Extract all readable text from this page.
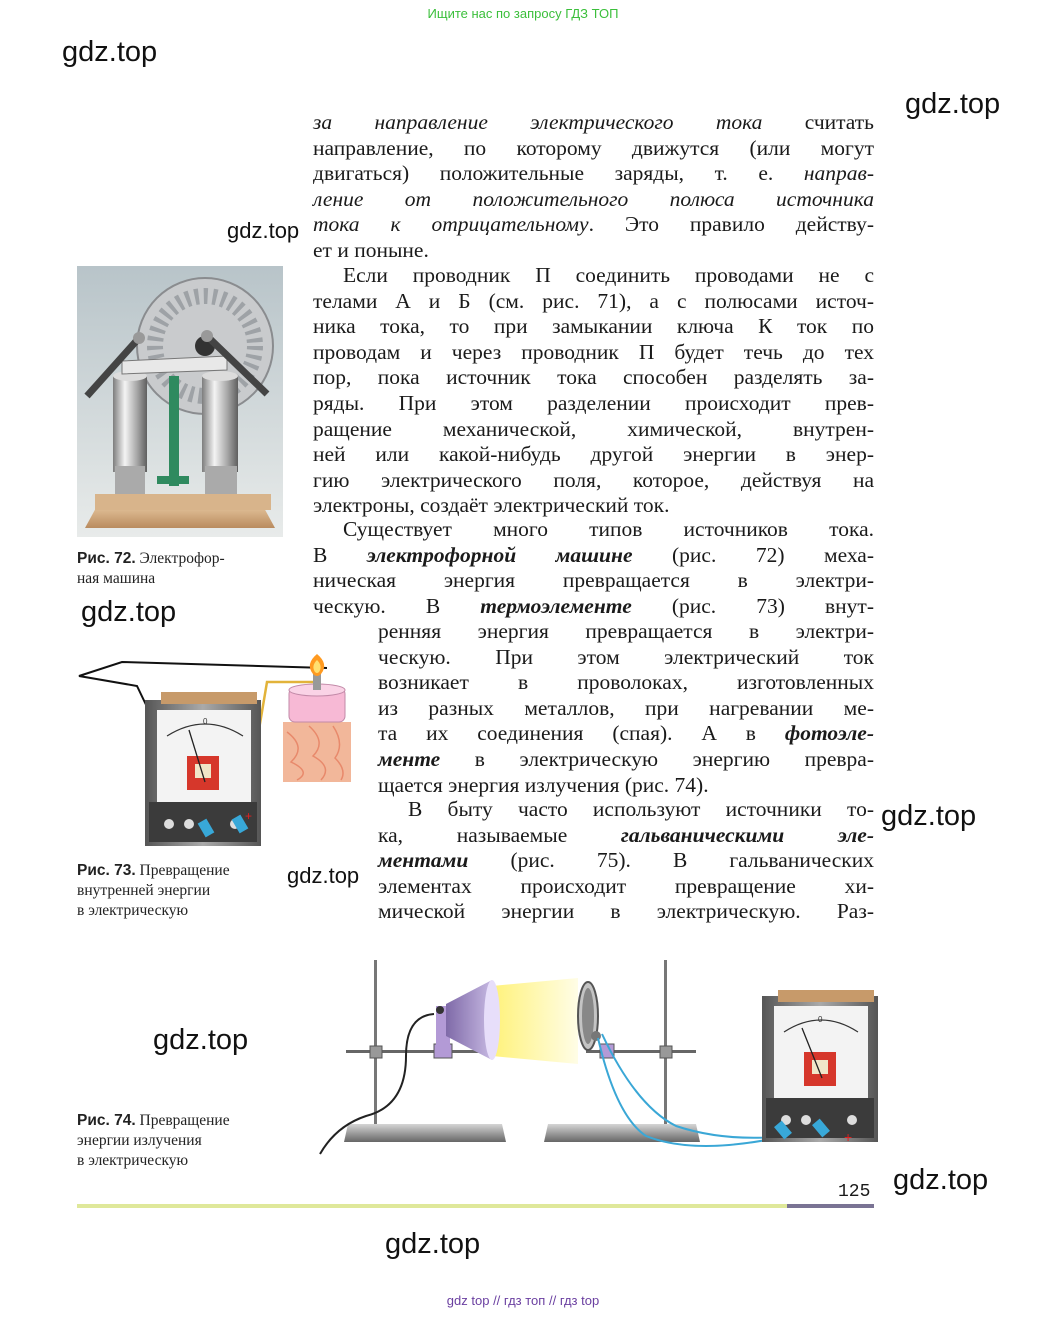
Ищите нас по запросу ГДЗ ТОП
gdz.top
gdz.top
gdz.top
gdz.top
gdz.top
gdz.top
gdz.top
gdz.top
gdz.top
за направление электрического тока считать
направление, по которому движутся (или могут
двигаться) положительные заряды, т. е. направ-
ление от положительного полюса источника
тока к отрицательному. Это правило действу-
ет и поныне.
Если проводник П соединить проводами не с
телами А и Б (см. рис. 71), а с полюсами источ-
ника тока, то при замыкании ключа К ток по
проводам и через проводник П будет течь до тех
пор, пока источник тока способен разделять за-
ряды. При этом разделении происходит прев-
ращение механической, химической, внутрен-
ней или какой-нибудь другой энергии в энер-
гию электрического поля, которое, действуя на
электроны, создаёт электрический ток.
Существует много типов источников тока.
В электрофорной машине (рис. 72) меха-
ническая энергия превращается в электри-
ческую. В термоэлементе (рис. 73) внут-
ренняя энергия превращается в электри-
ческую. При этом электрический ток
возникает в проволоках, изготовленных
из разных металлов, при нагревании ме-
та их соединения (спая). А в фотоэле-
менте в электрическую энергию превра-
щается энергия излучения (рис. 74).
В быту часто используют источники то-
ка, называемые гальваническими эле-
ментами (рис. 75). В гальванических
элементах происходит превращение хи-
мической энергии в электрическую. Раз-
Рис. 72. Электрофор-
ная машина
0
+
Рис. 73. Превращение
внутренней энергии
в электрическую
0
+
Рис. 74. Превращение
энергии излучения
в электрическую
125
gdz top // гдз топ // гдз top
